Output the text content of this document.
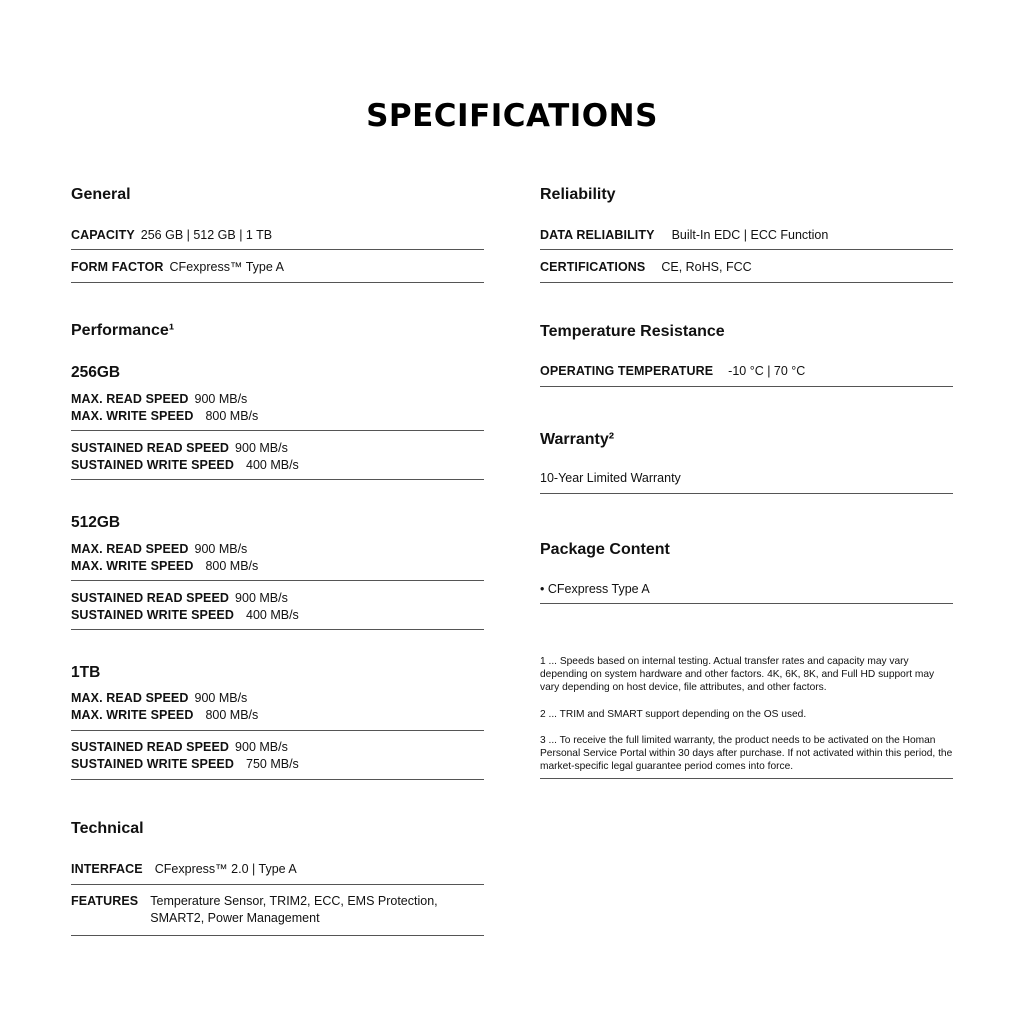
SPECIFICATIONS
General
CAPACITY 256 GB | 512 GB | 1 TB
FORM FACTOR CFexpress™ Type A
Performance¹
256GB
MAX. READ SPEED 900 MB/s
MAX. WRITE SPEED 800 MB/s
SUSTAINED READ SPEED 900 MB/s
SUSTAINED WRITE SPEED 400 MB/s
512GB
MAX. READ SPEED 900 MB/s
MAX. WRITE SPEED 800 MB/s
SUSTAINED READ SPEED 900 MB/s
SUSTAINED WRITE SPEED 400 MB/s
1TB
MAX. READ SPEED 900 MB/s
MAX. WRITE SPEED 800 MB/s
SUSTAINED READ SPEED 900 MB/s
SUSTAINED WRITE SPEED 750 MB/s
Technical
INTERFACE CFexpress™ 2.0 | Type A
FEATURES Temperature Sensor, TRIM2, ECC, EMS Protection,
SMART2, Power Management
Reliability
DATA RELIABILITY Built-In EDC | ECC Function
CERTIFICATIONS CE, RoHS, FCC
Temperature Resistance
OPERATING TEMPERATURE -10 °C | 70 °C
Warranty²
10-Year Limited Warranty
Package Content
• CFexpress Type A
1 ... Speeds based on internal testing. Actual transfer rates and capacity may vary depending on system hardware and other factors. 4K, 6K, 8K, and Full HD support may vary depending on host device, file attributes, and other factors.
2 ... TRIM and SMART support depending on the OS used.
3 ... To receive the full limited warranty, the product needs to be activated on the Homan Personal Service Portal within 30 days after purchase. If not activated within this period, the market-specific legal guarantee period comes into force.
